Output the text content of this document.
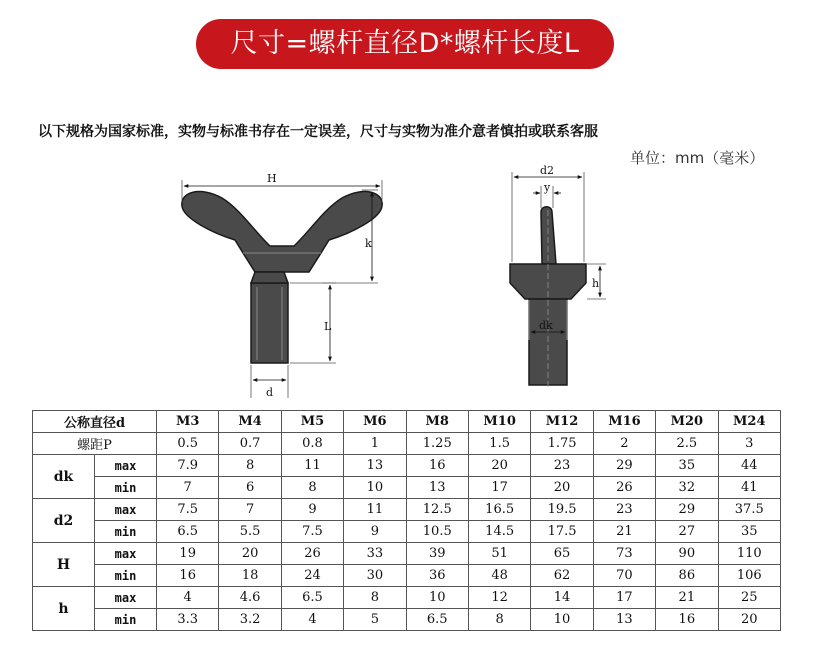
尺寸=螺杆直径D*螺杆长度L
以下规格为国家标准，实物与标准书存在一定误差，尺寸与实物为准介意者慎拍或联系客服
单位：mm（毫米）
H
k
L
d
d2
y
h
dk
公称直径d		M3	M4	M5	M6	M8	M10	M12	M16	M20	M24
螺距P		0.5	0.7	0.8	1	1.25	1.5	1.75	2	2.5	3
dk	max	7.9	8	11	13	16	20	23	29	35	44
	min	7	6	8	10	13	17	20	26	32	41
d2	max	7.5	7	9	11	12.5	16.5	19.5	23	29	37.5
	min	6.5	5.5	7.5	9	10.5	14.5	17.5	21	27	35
H	max	19	20	26	33	39	51	65	73	90	110
	min	16	18	24	30	36	48	62	70	86	106
h	max	4	4.6	6.5	8	10	12	14	17	21	25
	min	3.3	3.2	4	5	6.5	8	10	13	16	20
